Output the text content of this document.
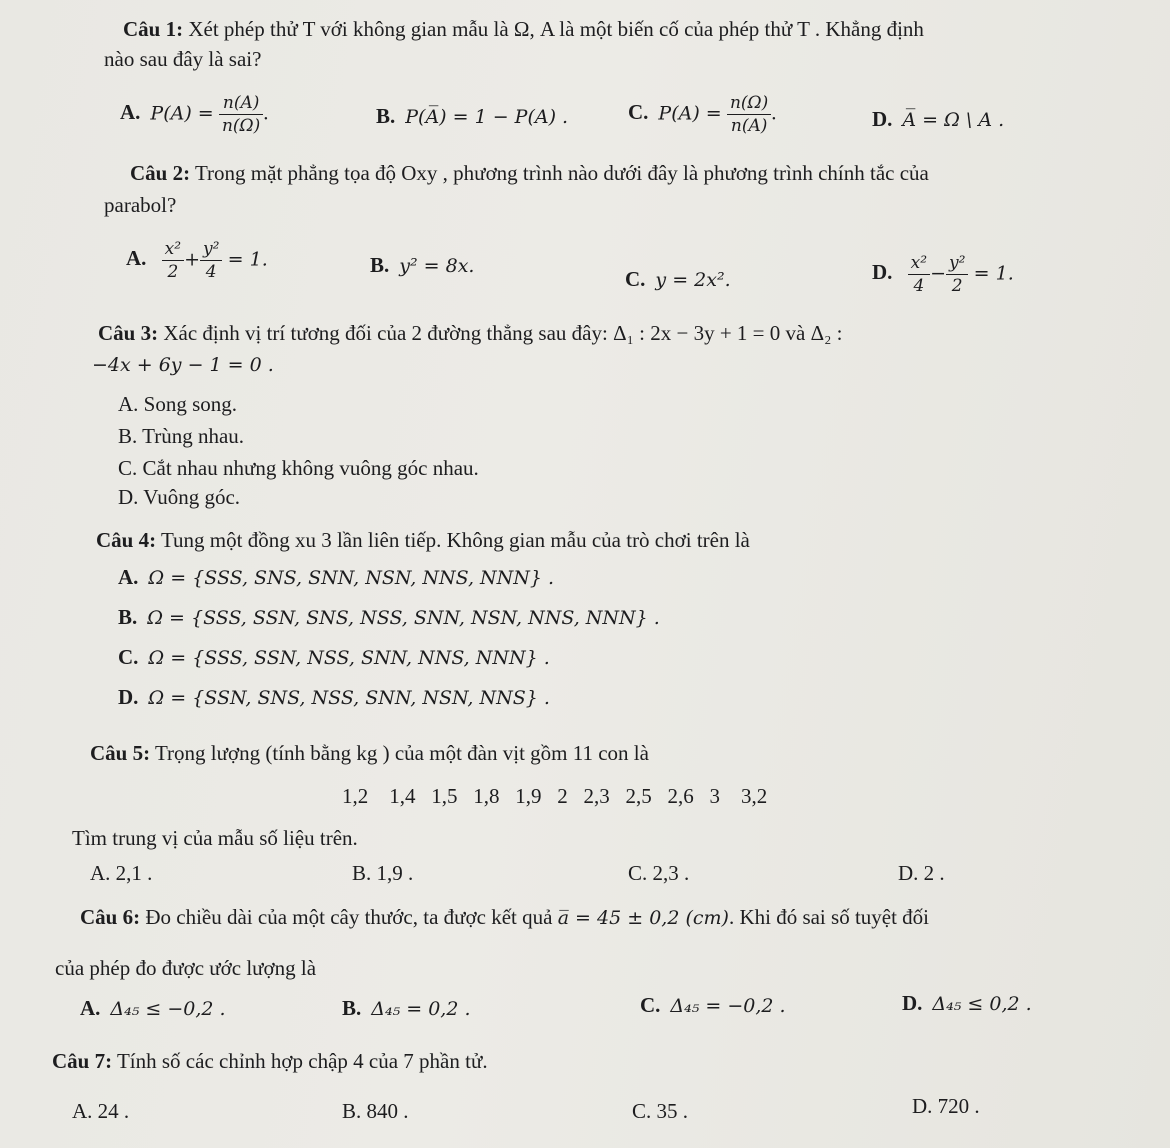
Câu 1: Xét phép thử T với không gian mẫu là Ω, A là một biến cố của phép thử T . Khẳng định
nào sau đây là sai?
A. $P(A) = \frac{n(A)}{n(\Omega)}$ .	B. P(A̅) = 1 − P(A) .	C. $P(A) = \frac{n(\Omega)}{n(A)}$ .	D. A̅ = Ω \ A .
Câu 2: Trong mặt phẳng tọa độ Oxy , phương trình nào dưới đây là phương trình chính tắc của
parabol?
A. $\frac{\text{x²}}{2} + \frac{\text{y²}}{4} = 1$.	B. y² = 8x.
C. y = 2x².	D. $\frac{\text{x²}}{4} - \frac{\text{y²}}{2} = 1$.
Câu 3: Xác định vị trí tương đối của 2 đường thẳng sau đây: Δ₁ : 2x − 3y + 1 = 0 và Δ₂ :
−4x + 6y − 1 = 0 .
A. Song song.
B. Trùng nhau.
C. Cắt nhau nhưng không vuông góc nhau.
D. Vuông góc.
Câu 4: Tung một đồng xu 3 lần liên tiếp. Không gian mẫu của trò chơi trên là
A. Ω = {SSS, SNS, SNN, NSN, NNS, NNN} .
B. Ω = {SSS, SSN, SNS, NSS, SNN, NSN, NNS, NNN} .
C. Ω = {SSS, SSN, NSS, SNN, NNS, NNN} .
D. Ω = {SSN, SNS, NSS, SNN, NSN, NNS} .
Câu 5: Trọng lượng (tính bằng kg ) của một đàn vịt gồm 11 con là
1,2    1,4   1,5   1,8   1,9   2   2,3   2,5   2,6   3    3,2
Tìm trung vị của mẫu số liệu trên.
A. 2,1 .	B. 1,9 .	C. 2,3 .	D. 2 .
Câu 6: Đo chiều dài của một cây thước, ta được kết quả a̅ = 45 ± 0,2 (cm). Khi đó sai số tuyệt đối
của phép đo được ước lượng là
A. Δ₄₅ ≤ −0,2 .	B. Δ₄₅ = 0,2 .	C. Δ₄₅ = −0,2 .	D. Δ₄₅ ≤ 0,2 .
Câu 7: Tính số các chỉnh hợp chập 4 của 7 phần tử.
A. 24 .	B. 840 .	C. 35 .	D. 720 .
